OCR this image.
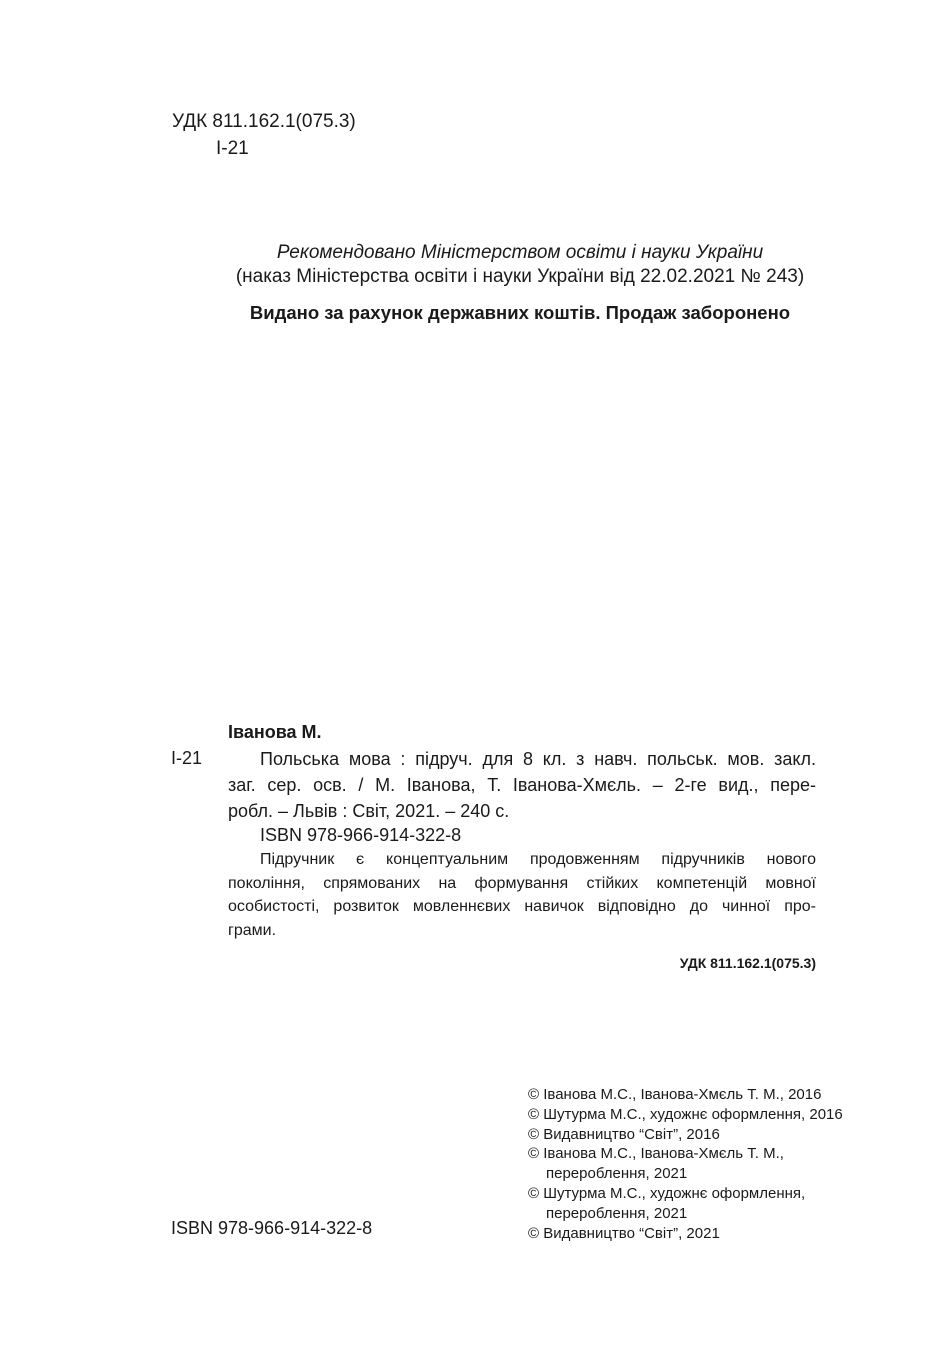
УДК 811.162.1(075.3)
І-21
Рекомендовано Міністерством освіти і науки України
(наказ Міністерства освіти і науки України від 22.02.2021 № 243)
Видано за рахунок державних коштів. Продаж заборонено
Іванова М.
І-21	Польська мова : підруч. для 8 кл. з навч. польськ. мов. закл.
заг. сер. осв. / М. Іванова, Т. Іванова-Хмєль. – 2-ге вид., пере-
робл. – Львів : Світ, 2021. – 240 с.
ISBN 978-966-914-322-8
Підручник є концептуальним продовженням підручників нового
покоління, спрямованих на формування стійких компетенцій мовної
особистості, розвиток мовленнєвих навичок відповідно до чинної про-
грами.
УДК 811.162.1(075.3)
© Іванова М.С., Іванова-Хмєль Т. М., 2016
© Шутурма М.С., художнє оформлення, 2016
© Видавництво “Світ”, 2016
© Іванова М.С., Іванова-Хмєль Т. М.,
перероблення, 2021
© Шутурма М.С., художнє оформлення,
перероблення, 2021
© Видавництво “Світ”, 2021
ISBN 978-966-914-322-8
